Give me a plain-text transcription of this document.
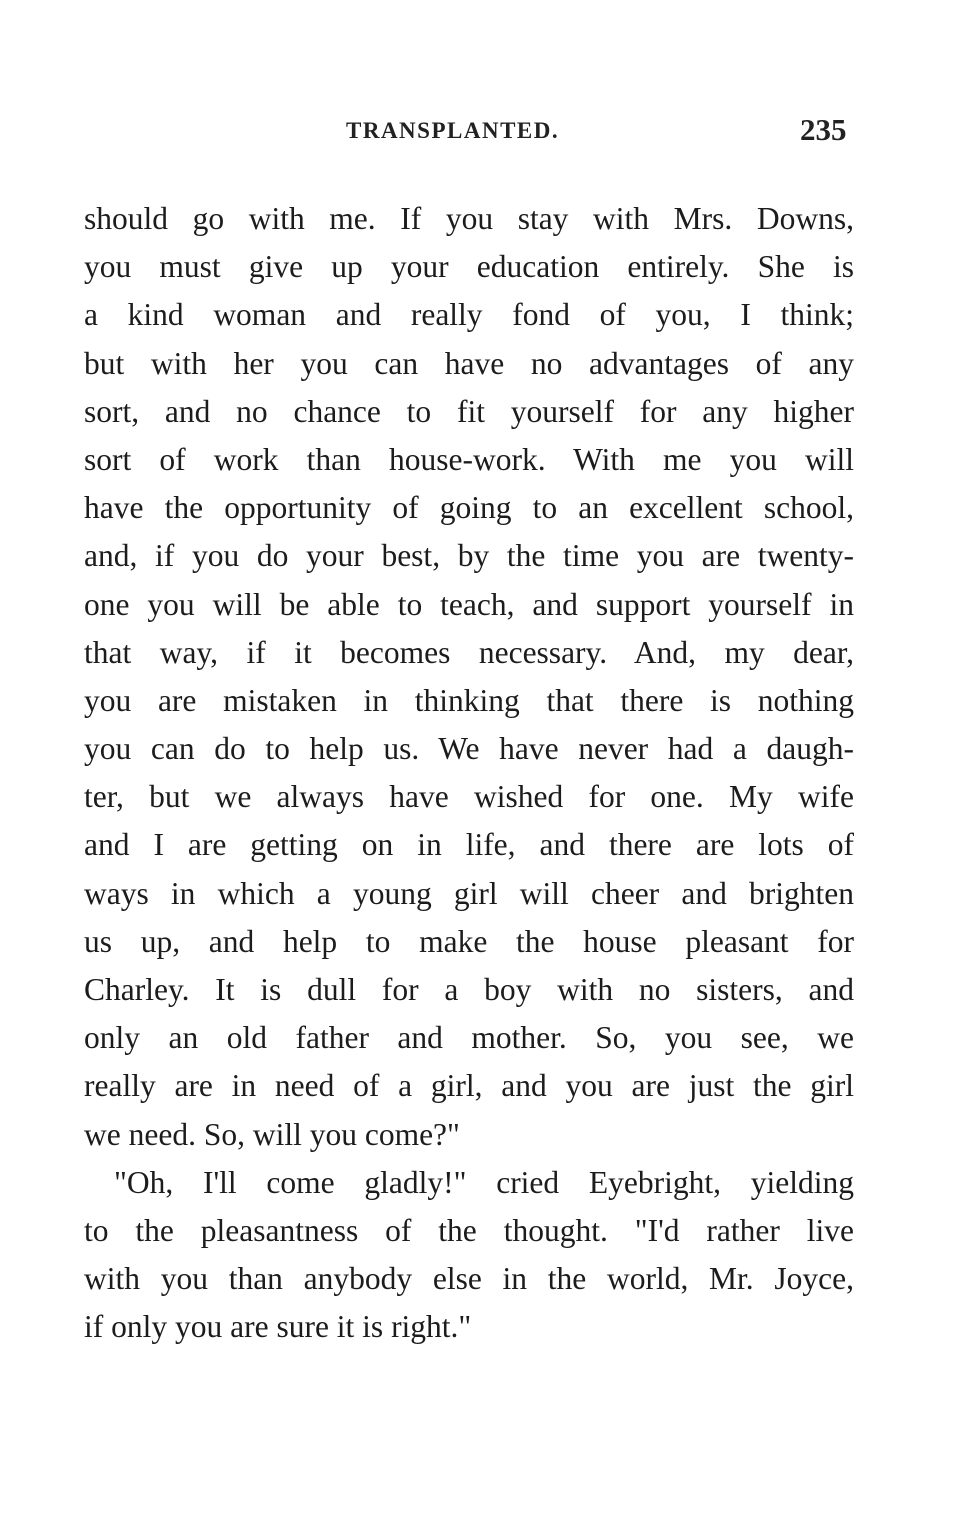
TRANSPLANTED.	235

should go with me. If you stay with Mrs. Downs,
you must give up your education entirely. She is
a kind woman and really fond of you, I think;
but with her you can have no advantages of any
sort, and no chance to fit yourself for any higher
sort of work than house-work. With me you will
have the opportunity of going to an excellent school,
and, if you do your best, by the time you are twenty-
one you will be able to teach, and support yourself in
that way, if it becomes necessary. And, my dear,
you are mistaken in thinking that there is nothing
you can do to help us. We have never had a daugh-
ter, but we always have wished for one. My wife
and I are getting on in life, and there are lots of
ways in which a young girl will cheer and brighten
us up, and help to make the house pleasant for
Charley. It is dull for a boy with no sisters, and
only an old father and mother. So, you see, we
really are in need of a girl, and you are just the girl
we need. So, will you come?"

"Oh, I'll come gladly!" cried Eyebright, yielding
to the pleasantness of the thought. "I'd rather live
with you than anybody else in the world, Mr. Joyce,
if only you are sure it is right."
